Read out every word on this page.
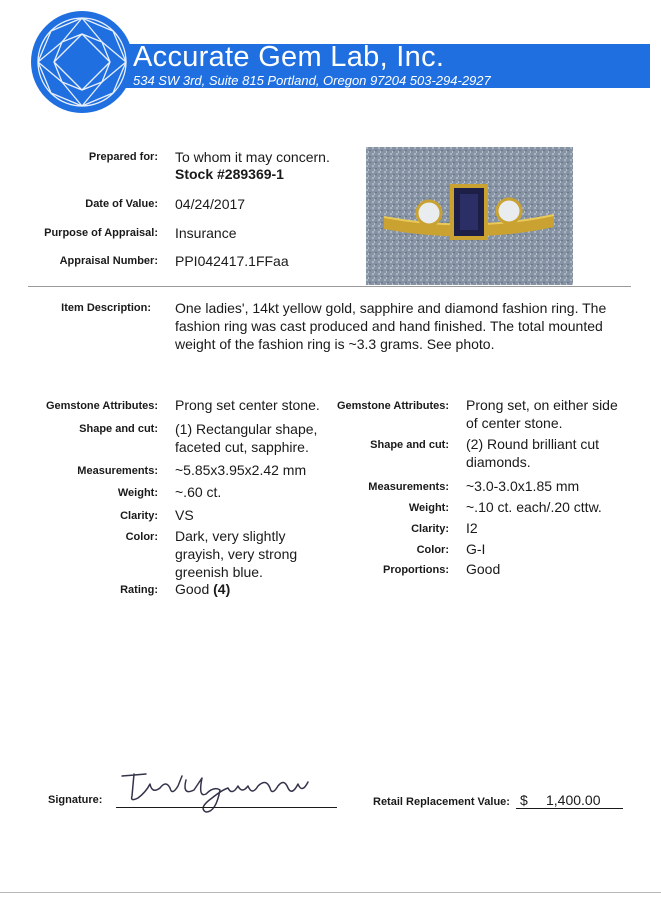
Accurate Gem Lab, Inc.
534 SW 3rd, Suite 815 Portland, Oregon 97204 503-294-2927
Prepared for: To whom it may concern.
Stock #289369-1
Date of Value: 04/24/2017
Purpose of Appraisal: Insurance
Appraisal Number: PPI042417.1FFaa
Item Description: One ladies', 14kt yellow gold, sapphire and diamond fashion ring. The fashion ring was cast produced and hand finished. The total mounted weight of the fashion ring is ~3.3 grams. See photo.
Gemstone Attributes: Prong set center stone.
Shape and cut: (1) Rectangular shape, faceted cut, sapphire.
Measurements: ~5.85x3.95x2.42 mm
Weight: ~.60 ct.
Clarity: VS
Color: Dark, very slightly grayish, very strong greenish blue.
Rating: Good (4)
Gemstone Attributes: Prong set, on either side of center stone.
Shape and cut: (2) Round brilliant cut diamonds.
Measurements: ~3.0-3.0x1.85 mm
Weight: ~.10 ct. each/.20 cttw.
Clarity: I2
Color: G-I
Proportions: Good
Signature:	Retail Replacement Value: $ 1,400.00
